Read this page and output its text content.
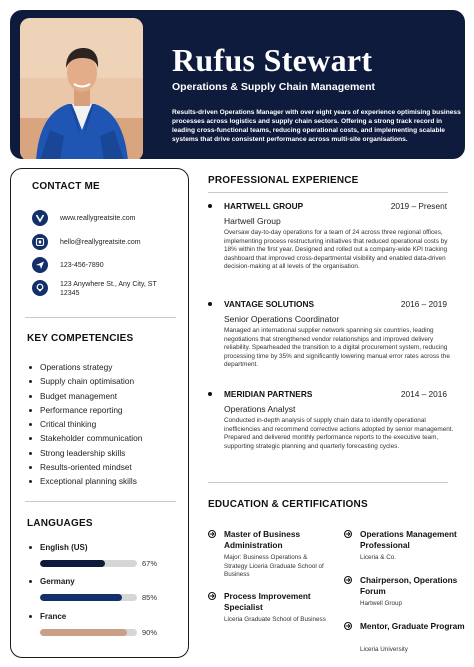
Rufus Stewart
Operations & Supply Chain Management
Results-driven Operations Manager with over eight years of experience optimising business processes across logistics and supply chain sectors. Offering a strong track record in leading cross-functional teams, reducing operational costs, and implementing scalable systems that drive consistent performance across multi-site organisations.
CONTACT ME
www.reallygreatsite.com
hello@reallygreatsite.com
123-456-7890
123 Anywhere St., Any City, ST 12345
KEY COMPETENCIES
Operations strategy
Supply chain optimisation
Budget management
Performance reporting
Critical thinking
Stakeholder communication
Strong leadership skills
Results-oriented mindset
Exceptional planning skills
LANGUAGES
English (US)
67%
Germany
85%
France
90%
PROFESSIONAL EXPERIENCE
HARTWELL GROUP	2019 – Present
Hartwell Group
Oversaw day-to-day operations for a team of 24 across three regional offices, implementing process restructuring initiatives that reduced operational costs by 18% within the first year. Designed and rolled out a company-wide KPI tracking dashboard that improved cross-departmental visibility and enabled data-driven decision-making at all levels of the organisation.
VANTAGE SOLUTIONS	2016 – 2019
Senior Operations Coordinator
Managed an international supplier network spanning six countries, leading negotiations that strengthened vendor relationships and improved delivery reliability. Spearheaded the transition to a digital procurement system, reducing processing time by 35% and significantly lowering manual error rates across the department.
MERIDIAN PARTNERS	2014 – 2016
Operations Analyst
Conducted in-depth analysis of supply chain data to identify operational inefficiencies and recommend corrective actions adopted by senior management. Prepared and delivered monthly performance reports to the executive team, supporting strategic planning and quarterly forecasting cycles.
EDUCATION & CERTIFICATIONS
Master of Business Administration
Major: Business Operations & Strategy Liceria Graduate School of Business
Process Improvement Specialist
Liceria Graduate School of Business
Operations Management Professional
Liceria & Co.
Chairperson, Operations Forum
Hartwell Group
Mentor, Graduate Program
Liceria University
